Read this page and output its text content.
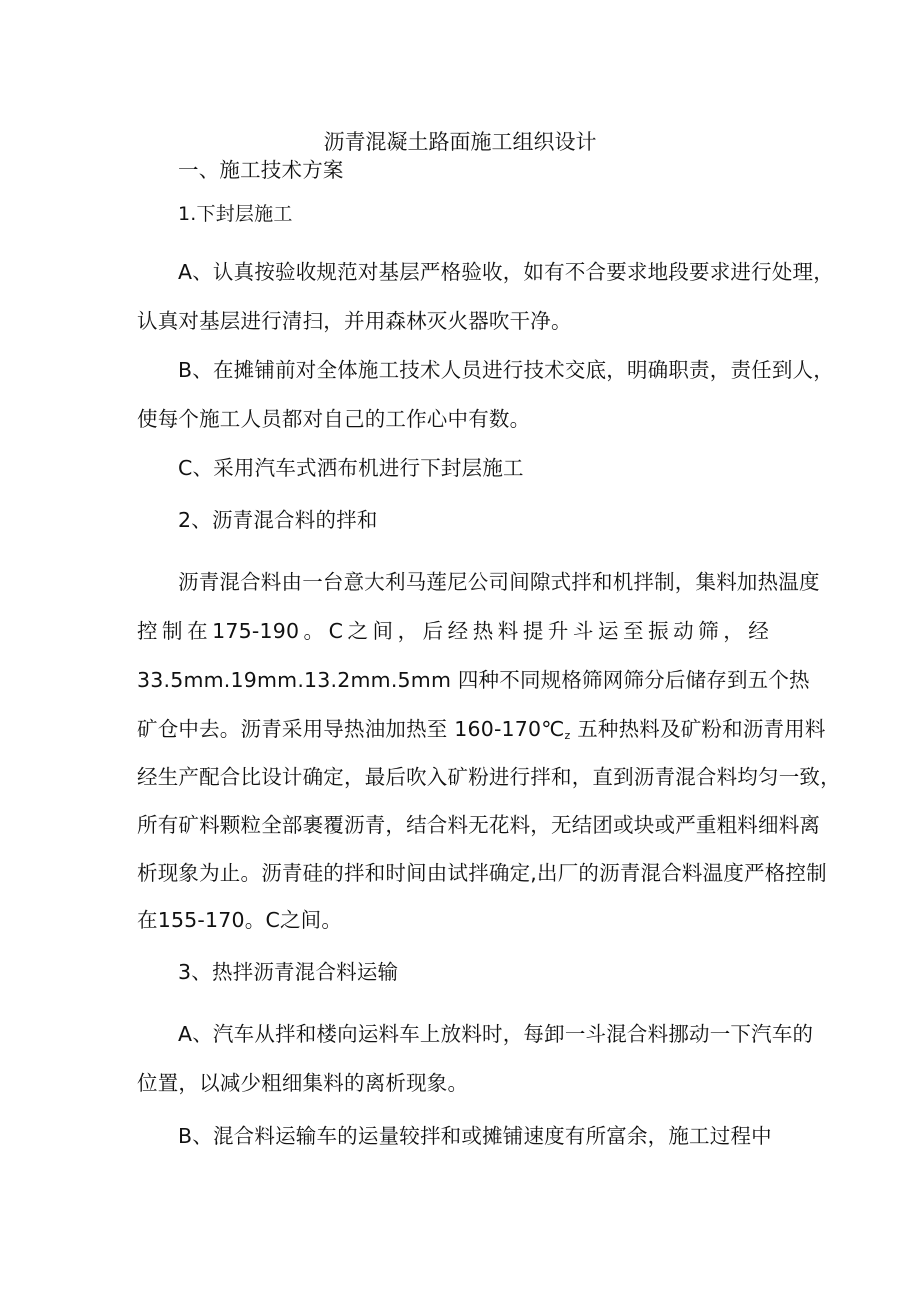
沥青混凝土路面施工组织设计
一、施工技术方案
1.下封层施工
A、认真按验收规范对基层严格验收，如有不合要求地段要求进行处理，
认真对基层进行清扫，并用森林灭火器吹干净。
B、在摊铺前对全体施工技术人员进行技术交底，明确职责，责任到人，
使每个施工人员都对自己的工作心中有数。
C、采用汽车式洒布机进行下封层施工
2、沥青混合料的拌和
沥青混合料由一台意大利马莲尼公司间隙式拌和机拌制，集料加热温度
控制在175-190。C之间，后经热料提升斗运至振动筛，经
33.5mm.19mm.13.2mm.5mm 四种不同规格筛网筛分后储存到五个热
矿仓中去。沥青采用导热油加热至 $160-170℃_z$ 五种热料及矿粉和沥青用料
经生产配合比设计确定，最后吹入矿粉进行拌和，直到沥青混合料均匀一致，
所有矿料颗粒全部裹覆沥青，结合料无花料，无结团或块或严重粗料细料离
析现象为止。沥青硅的拌和时间由试拌确定,出厂的沥青混合料温度严格控制
在155-170。C之间。
3、热拌沥青混合料运输
A、汽车从拌和楼向运料车上放料时，每卸一斗混合料挪动一下汽车的
位置，以减少粗细集料的离析现象。
B、混合料运输车的运量较拌和或摊铺速度有所富余，施工过程中
